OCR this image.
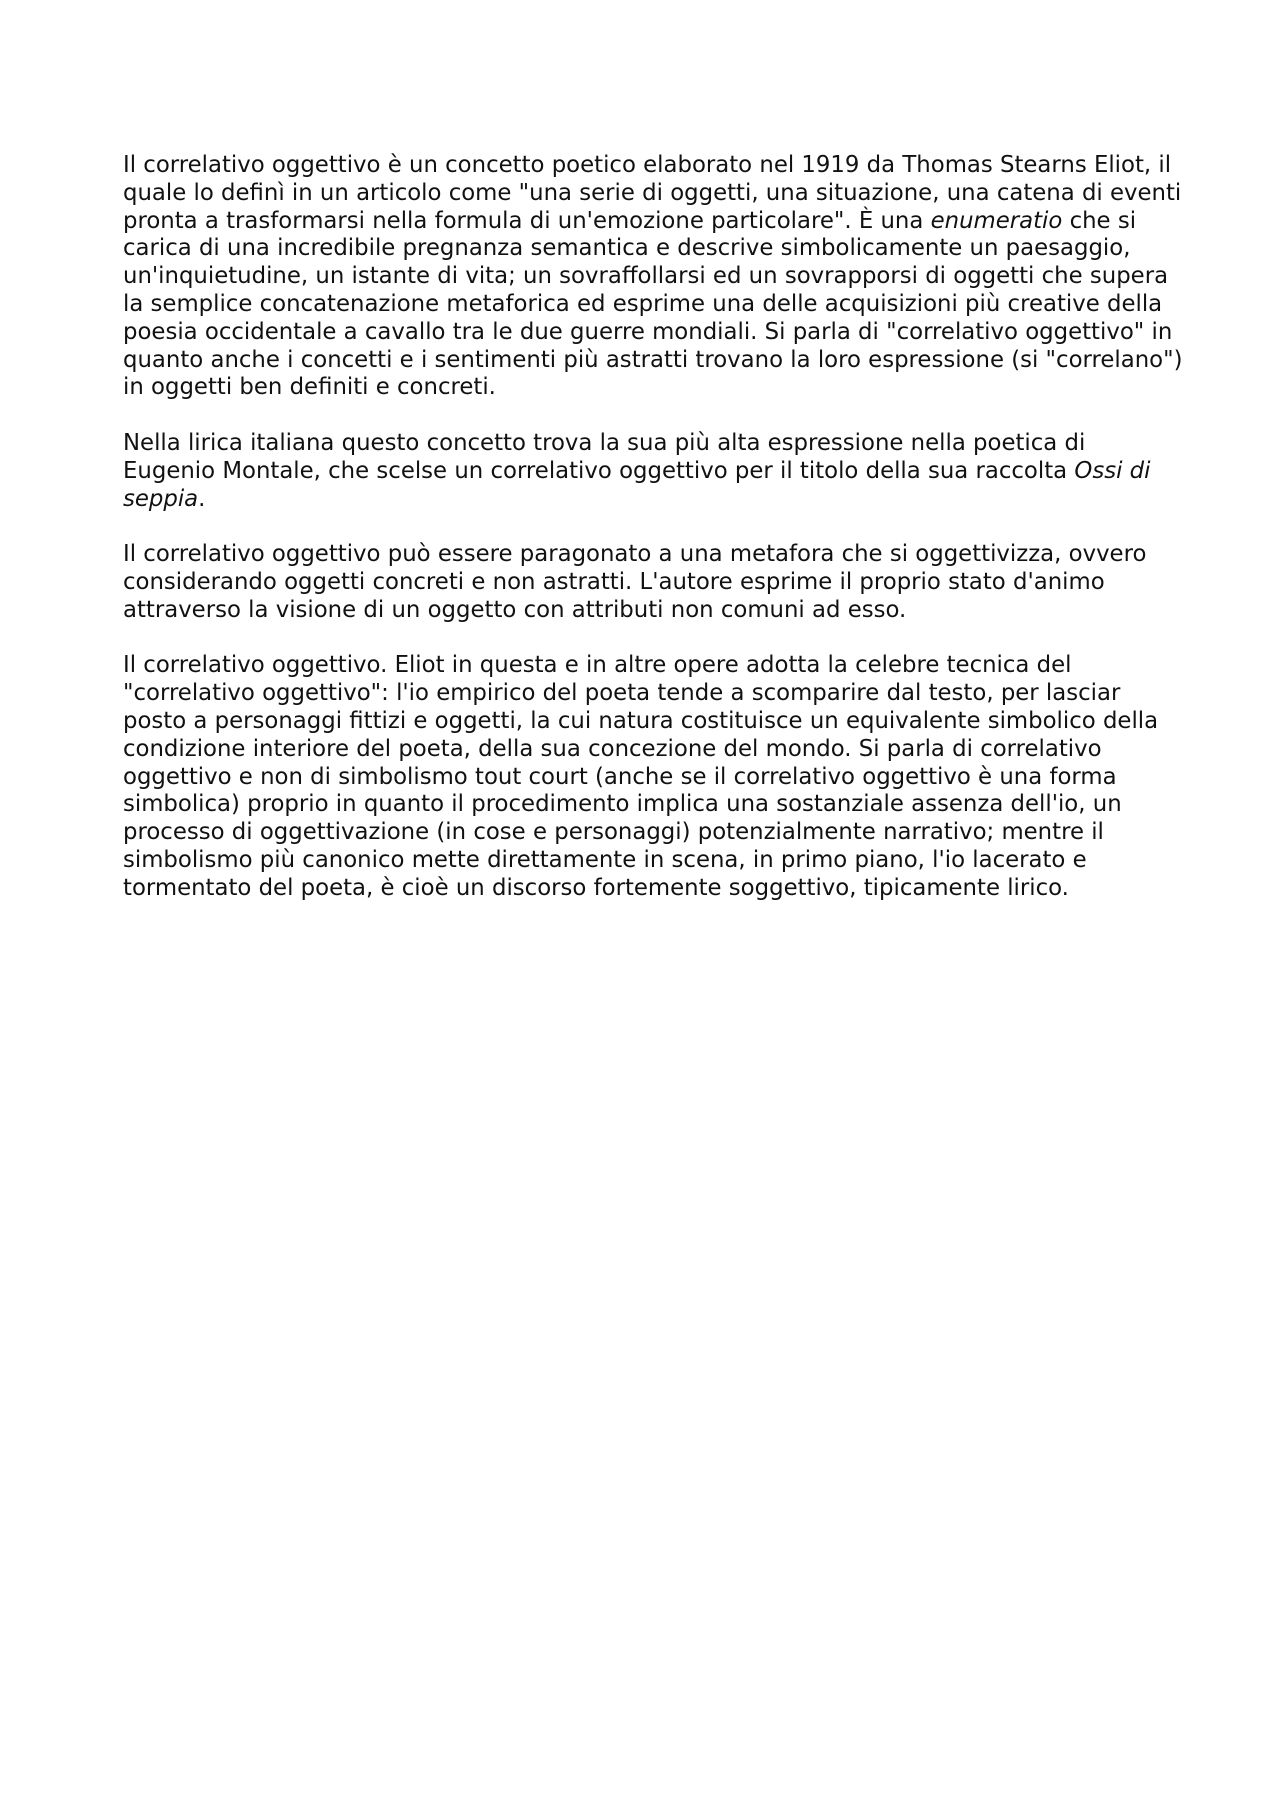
Il correlativo oggettivo è un concetto poetico elaborato nel 1919 da Thomas Stearns Eliot, il quale lo definì in un articolo come "una serie di oggetti, una situazione, una catena di eventi pronta a trasformarsi nella formula di un'emozione particolare". È una enumeratio che si carica di una incredibile pregnanza semantica e descrive simbolicamente un paesaggio, un'inquietudine, un istante di vita; un sovraffollarsi ed un sovrapporsi di oggetti che supera la semplice concatenazione metaforica ed esprime una delle acquisizioni più creative della poesia occidentale a cavallo tra le due guerre mondiali. Si parla di "correlativo oggettivo" in quanto anche i concetti e i sentimenti più astratti trovano la loro espressione (si "correlano") in oggetti ben definiti e concreti.

Nella lirica italiana questo concetto trova la sua più alta espressione nella poetica di Eugenio Montale, che scelse un correlativo oggettivo per il titolo della sua raccolta Ossi di seppia.

Il correlativo oggettivo può essere paragonato a una metafora che si oggettivizza, ovvero considerando oggetti concreti e non astratti. L'autore esprime il proprio stato d'animo attraverso la visione di un oggetto con attributi non comuni ad esso.

Il correlativo oggettivo. Eliot in questa e in altre opere adotta la celebre tecnica del "correlativo oggettivo": l'io empirico del poeta tende a scomparire dal testo, per lasciar posto a personaggi fittizi e oggetti, la cui natura costituisce un equivalente simbolico della condizione interiore del poeta, della sua concezione del mondo. Si parla di correlativo oggettivo e non di simbolismo tout court (anche se il correlativo oggettivo è una forma simbolica) proprio in quanto il procedimento implica una sostanziale assenza dell'io, un processo di oggettivazione (in cose e personaggi) potenzialmente narrativo; mentre il simbolismo più canonico mette direttamente in scena, in primo piano, l'io lacerato e tormentato del poeta, è cioè un discorso fortemente soggettivo, tipicamente lirico.
